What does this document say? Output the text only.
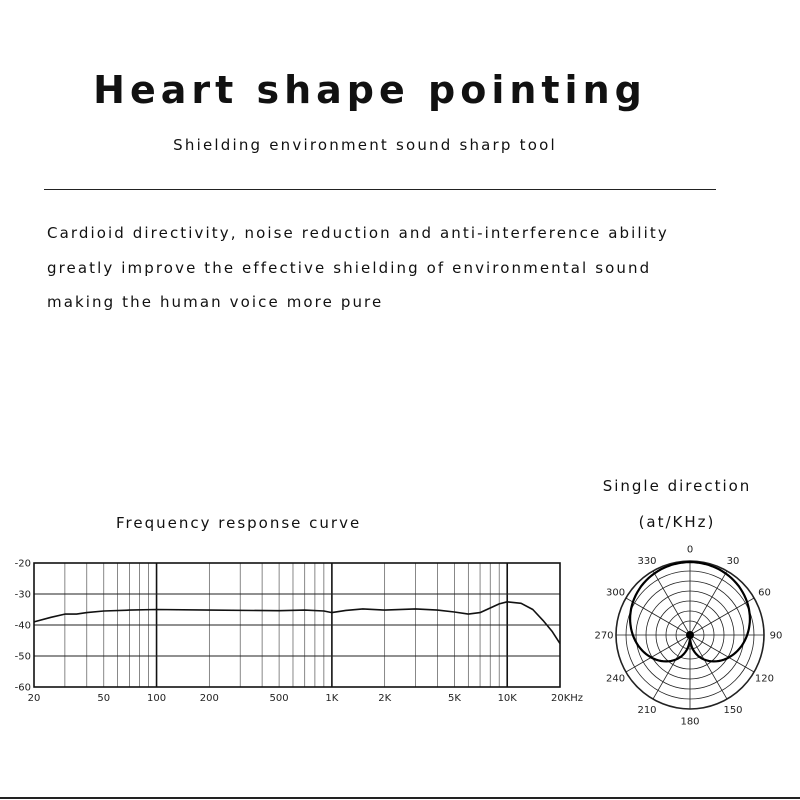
Heart shape pointing
Shielding environment sound sharp tool
Cardioid directivity, noise reduction and anti-interference ability
greatly improve the effective shielding of environmental sound
making the human voice more pure
Frequency response curve
Single direction
(at/KHz)
-20
-30
-40
-50
-60
20	50	100	200	500	1K	2K	5K	10K	20KHz
0
30
60
90
120
150
180
210
240
270
300
330
